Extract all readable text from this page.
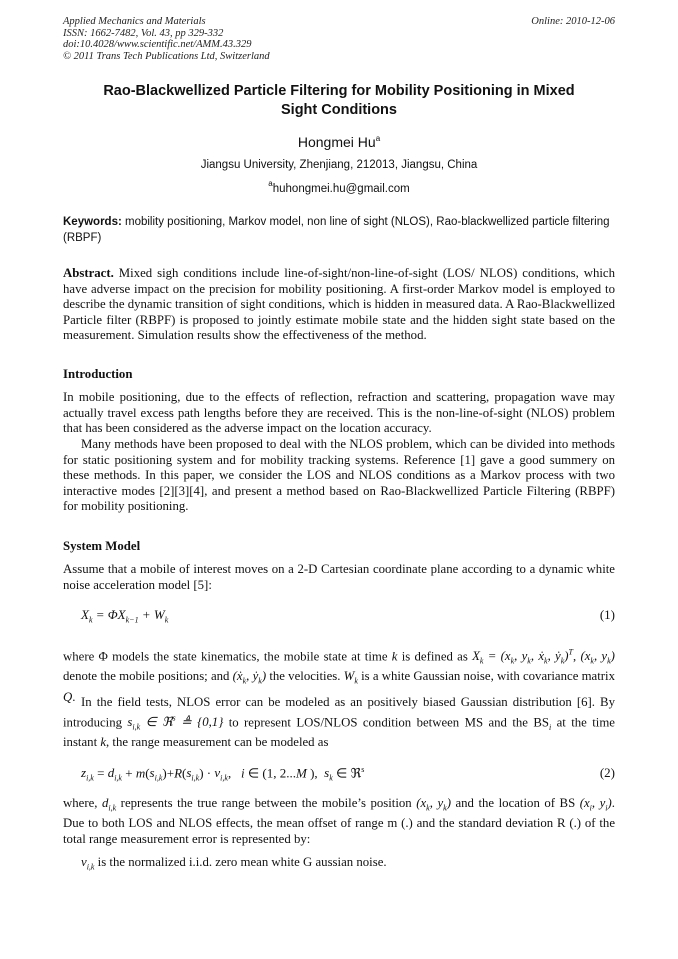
Applied Mechanics and Materials
ISSN: 1662-7482, Vol. 43, pp 329-332
doi:10.4028/www.scientific.net/AMM.43.329
© 2011 Trans Tech Publications Ltd, Switzerland
Online: 2010-12-06
Rao-Blackwellized Particle Filtering for Mobility Positioning in Mixed
Sight Conditions
Hongmei Hu$^a$
Jiangsu University, Zhenjiang, 212013, Jiangsu, China
$^a$huhongmei.hu@gmail.com
Keywords: mobility positioning, Markov model, non line of sight (NLOS), Rao-blackwellized particle filtering (RBPF)
Abstract. Mixed sigh conditions include line-of-sight/non-line-of-sight (LOS/ NLOS) conditions, which have adverse impact on the precision for mobility positioning. A first-order Markov model is employed to describe the dynamic transition of sight conditions, which is hidden in measured data. A Rao-Blackwellized Particle filter (RBPF) is proposed to jointly estimate mobile state and the hidden sight state based on the measurement. Simulation results show the effectiveness of the method.
Introduction
In mobile positioning, due to the effects of reflection, refraction and scattering, propagation wave may actually travel excess path lengths before they are received. This is the non-line-of-sight (NLOS) problem that has been considered as the adverse impact on the location accuracy.
Many methods have been proposed to deal with the NLOS problem, which can be divided into methods for static positioning system and for mobility tracking systems. Reference [1] gave a good summery on these methods. In this paper, we consider the LOS and NLOS conditions as a Markov process with two interactive modes [2][3][4], and present a method based on Rao-Blackwellized Particle Filtering (RBPF) for mobility positioning.
System Model
Assume that a mobile of interest moves on a 2-D Cartesian coordinate plane according to a dynamic white noise acceleration model [5]:
$X_k = \Phi X_{k-1} + W_k$	(1)
where Φ models the state kinematics, the mobile state at time k is defined as $X_k = (x_k$, $y_k$, ẋ$_k$, ẏ$_k$)$^T$, ($x_k$, $y_k$) denote the mobile positions; and (ẋ$_k$, ẏ$_k$) the velocities. $W_k$ is a white Gaussian noise, with covariance matrix Q. In the field tests, NLOS error can be modeled as an positively biased Gaussian distribution [6]. By introducing $s_{i,k}$ ∈ ℜ$^s$ ≜ {0,1} to represent LOS/NLOS condition between MS and the $BS_i$ at the time instant k, the range measurement can be modeled as
$z_{i,k} = d_{i,k} + m(s_{i,k})+R(s_{i,k}) \cdot v_{i,k}$,   i ∈ (1, 2...M ),  $s_k$ ∈ ℜ$^s$	(2)
where, $d_{i,k}$ represents the true range between the mobile’s position ($x_k$, $y_k$) and the location of BS ($x_i$, $y_i$). Due to both LOS and NLOS effects, the mean offset of range m (.) and the standard deviation R (.) of the total range measurement error is represented by:
$v_{i,k}$ is the normalized i.i.d. zero mean white G aussian noise.
